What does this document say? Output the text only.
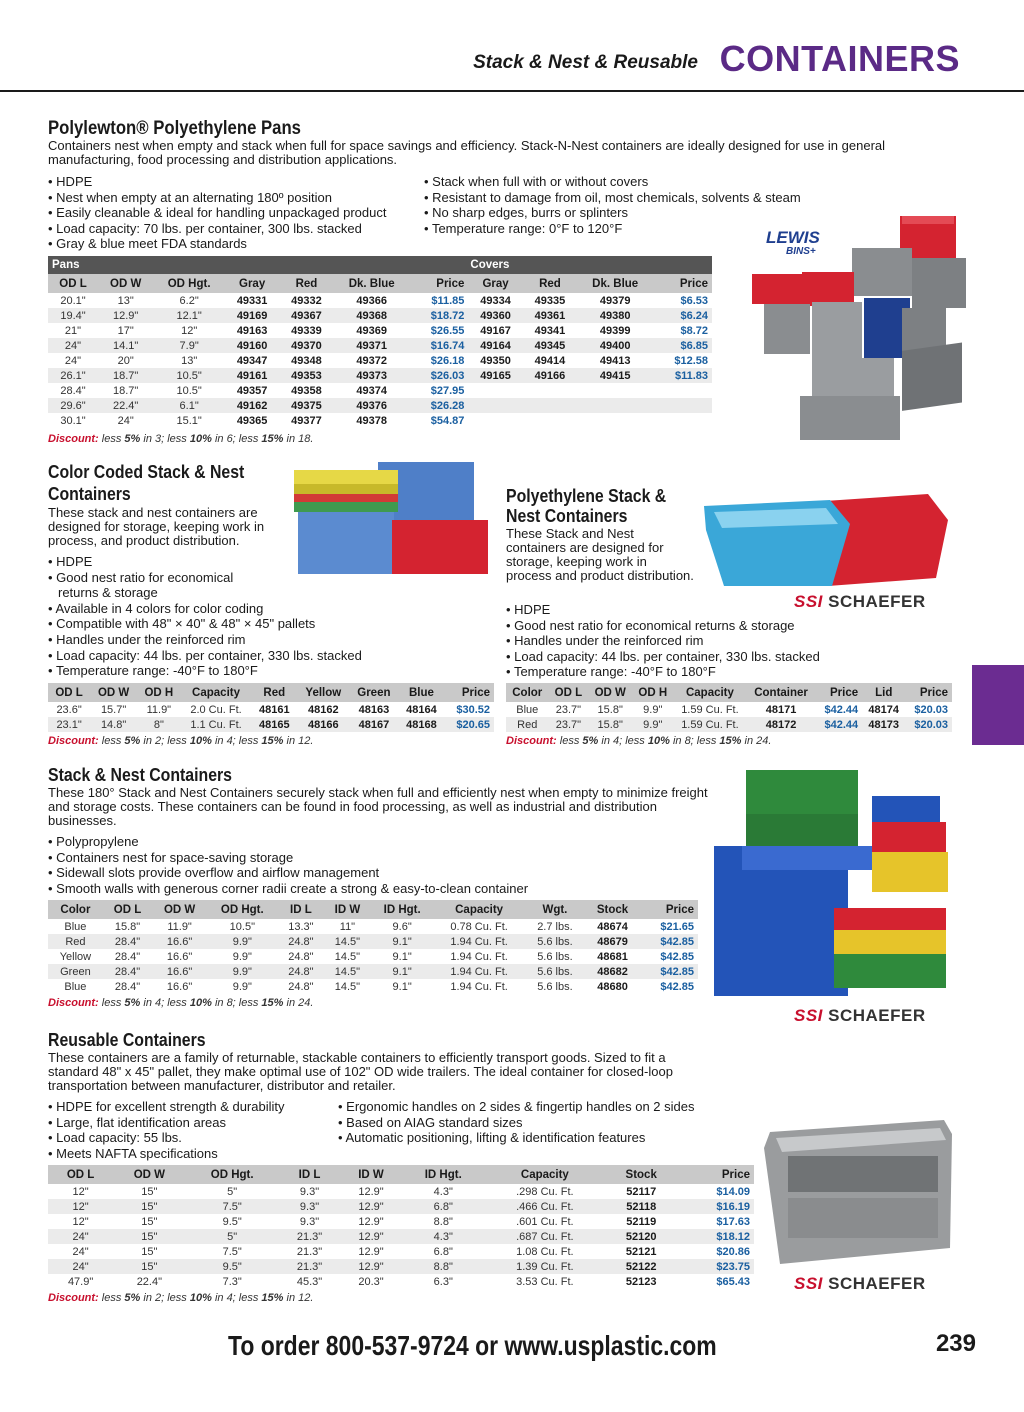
Stack & Nest & Reusable CONTAINERS
Polylewton® Polyethylene Pans
Containers nest when empty and stack when full for space savings and efficiency. Stack-N-Nest containers are ideally designed for use in general manufacturing, food processing and distribution applications.
• HDPE
• Nest when empty at an alternating 180º position
• Easily cleanable & ideal for handling unpackaged product
• Load capacity: 70 lbs. per container, 300 lbs. stacked
• Gray & blue meet FDA standards
• Stack when full with or without covers
• Resistant to damage from oil, most chemicals, solvents & steam
• No sharp edges, burrs or splinters
• Temperature range: 0°F to 120°F
Pans							Covers			
OD L	OD W	OD Hgt.	Gray	Red	Dk. Blue	Price	Gray	Red	Dk. Blue	Price
20.1"	13"	6.2"	49331	49332	49366	$11.85	49334	49335	49379	$6.53
19.4"	12.9"	12.1"	49169	49367	49368	$18.72	49360	49361	49380	$6.24
21"	17"	12"	49163	49339	49369	$26.55	49167	49341	49399	$8.72
24"	14.1"	7.9"	49160	49370	49371	$16.74	49164	49345	49400	$6.85
24"	20"	13"	49347	49348	49372	$26.18	49350	49414	49413	$12.58
26.1"	18.7"	10.5"	49161	49353	49373	$26.03	49165	49166	49415	$11.83
28.4"	18.7"	10.5"	49357	49358	49374	$27.95				
29.6"	22.4"	6.1"	49162	49375	49376	$26.28				
30.1"	24"	15.1"	49365	49377	49378	$54.87				
Discount: less 5% in 3; less 10% in 6; less 15% in 18.
LEWIS
BINS+
Color Coded Stack & Nest
Containers
These stack and nest containers are designed for storage, keeping work in process, and product distribution.
• HDPE
• Good nest ratio for economical
returns & storage
• Available in 4 colors for color coding
• Compatible with 48" × 40" & 48" × 45" pallets
• Handles under the reinforced rim
• Load capacity: 44 lbs. per container, 330 lbs. stacked
• Temperature range: -40°F to 180°F
OD L	OD W	OD H	Capacity	Red	Yellow	Green	Blue	Price
23.6"	15.7"	11.9"	2.0 Cu. Ft.	48161	48162	48163	48164	$30.52
23.1"	14.8"	8"	1.1 Cu. Ft.	48165	48166	48167	48168	$20.65
Discount: less 5% in 2; less 10% in 4; less 15% in 12.
Polyethylene Stack &
Nest Containers
These Stack and Nest containers are designed for storage, keeping work in process and product distribution.
• HDPE
• Good nest ratio for economical returns & storage
• Handles under the reinforced rim
• Load capacity: 44 lbs. per container, 330 lbs. stacked
• Temperature range: -40°F to 180°F
SSI SCHAEFER
Color	OD L	OD W	OD H	Capacity	Container	Price	Lid	Price
Blue	23.7"	15.8"	9.9"	1.59 Cu. Ft.	48171	$42.44	48174	$20.03
Red	23.7"	15.8"	9.9"	1.59 Cu. Ft.	48172	$42.44	48173	$20.03
Discount: less 5% in 4; less 10% in 8; less 15% in 24.
Stack & Nest Containers
These 180° Stack and Nest Containers securely stack when full and efficiently nest when empty to minimize freight and storage costs. These containers can be found in food processing, as well as industrial and distribution businesses.
• Polypropylene
• Containers nest for space-saving storage
• Sidewall slots provide overflow and airflow management
• Smooth walls with generous corner radii create a strong & easy-to-clean container
SSI SCHAEFER
Color	OD L	OD W	OD Hgt.	ID L	ID W	ID Hgt.	Capacity	Wgt.	Stock	Price
Blue	15.8"	11.9"	10.5"	13.3"	11"	9.6"	0.78 Cu. Ft.	2.7 lbs.	48674	$21.65
Red	28.4"	16.6"	9.9"	24.8"	14.5"	9.1"	1.94 Cu. Ft.	5.6 lbs.	48679	$42.85
Yellow	28.4"	16.6"	9.9"	24.8"	14.5"	9.1"	1.94 Cu. Ft.	5.6 lbs.	48681	$42.85
Green	28.4"	16.6"	9.9"	24.8"	14.5"	9.1"	1.94 Cu. Ft.	5.6 lbs.	48682	$42.85
Blue	28.4"	16.6"	9.9"	24.8"	14.5"	9.1"	1.94 Cu. Ft.	5.6 lbs.	48680	$42.85
Discount: less 5% in 4; less 10% in 8; less 15% in 24.
Reusable Containers
These containers are a family of returnable, stackable containers to efficiently transport goods. Sized to fit a standard 48" x 45" pallet, they make optimal use of 102" OD wide trailers. The ideal container for closed-loop transportation between manufacturer, distributor and retailer.
• HDPE for excellent strength & durability
• Large, flat identification areas
• Load capacity: 55 lbs.
• Meets NAFTA specifications
• Ergonomic handles on 2 sides & fingertip handles on 2 sides
• Based on AIAG standard sizes
• Automatic positioning, lifting & identification features
SSI SCHAEFER
OD L	OD W	OD Hgt.	ID L	ID W	ID Hgt.	Capacity	Stock	Price
12"	15"	5"	9.3"	12.9"	4.3"	.298 Cu. Ft.	52117	$14.09
12"	15"	7.5"	9.3"	12.9"	6.8"	.466 Cu. Ft.	52118	$16.19
12"	15"	9.5"	9.3"	12.9"	8.8"	.601 Cu. Ft.	52119	$17.63
24"	15"	5"	21.3"	12.9"	4.3"	.687 Cu. Ft.	52120	$18.12
24"	15"	7.5"	21.3"	12.9"	6.8"	1.08 Cu. Ft.	52121	$20.86
24"	15"	9.5"	21.3"	12.9"	8.8"	1.39 Cu. Ft.	52122	$23.75
47.9"	22.4"	7.3"	45.3"	20.3"	6.3"	3.53 Cu. Ft.	52123	$65.43
Discount: less 5% in 2; less 10% in 4; less 15% in 12.
To order 800-537-9724 or www.usplastic.com	239
